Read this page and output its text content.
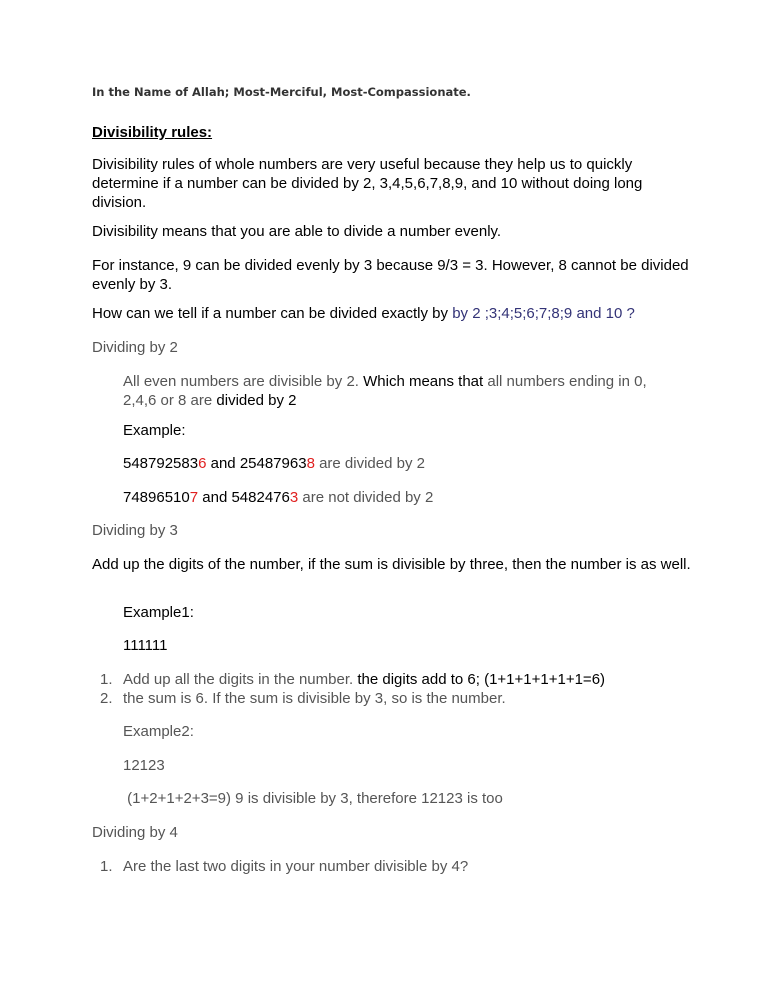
In the Name of Allah; Most-Merciful, Most-Compassionate.

Divisibility rules:

Divisibility rules of whole numbers are very useful because they help us to quickly determine if a number can be divided by 2, 3,4,5,6,7,8,9, and 10 without doing long division.

Divisibility means that you are able to divide a number evenly.

For instance, 9 can be divided evenly by 3 because 9/3 = 3. However, 8 cannot be divided evenly by 3.

How can we tell if a number can be divided exactly by by 2 ;3;4;5;6;7;8;9 and 10 ?

Dividing by 2

All even numbers are divisible by 2. Which means that all numbers ending in 0, 2,4,6 or 8 are divided by 2

Example:

5487925836 and 254879638 are divided by 2

748965107 and 54824763 are not divided by 2

Dividing by 3

Add up the digits of the number, if the sum is divisible by three, then the number is as well.

Example1:

111111

1. Add up all the digits in the number. the digits add to 6; (1+1+1+1+1+1=6)
2. the sum is 6. If the sum is divisible by 3, so is the number.

Example2:

12123

(1+2+1+2+3=9) 9 is divisible by 3, therefore 12123 is too

Dividing by 4

1. Are the last two digits in your number divisible by 4?
